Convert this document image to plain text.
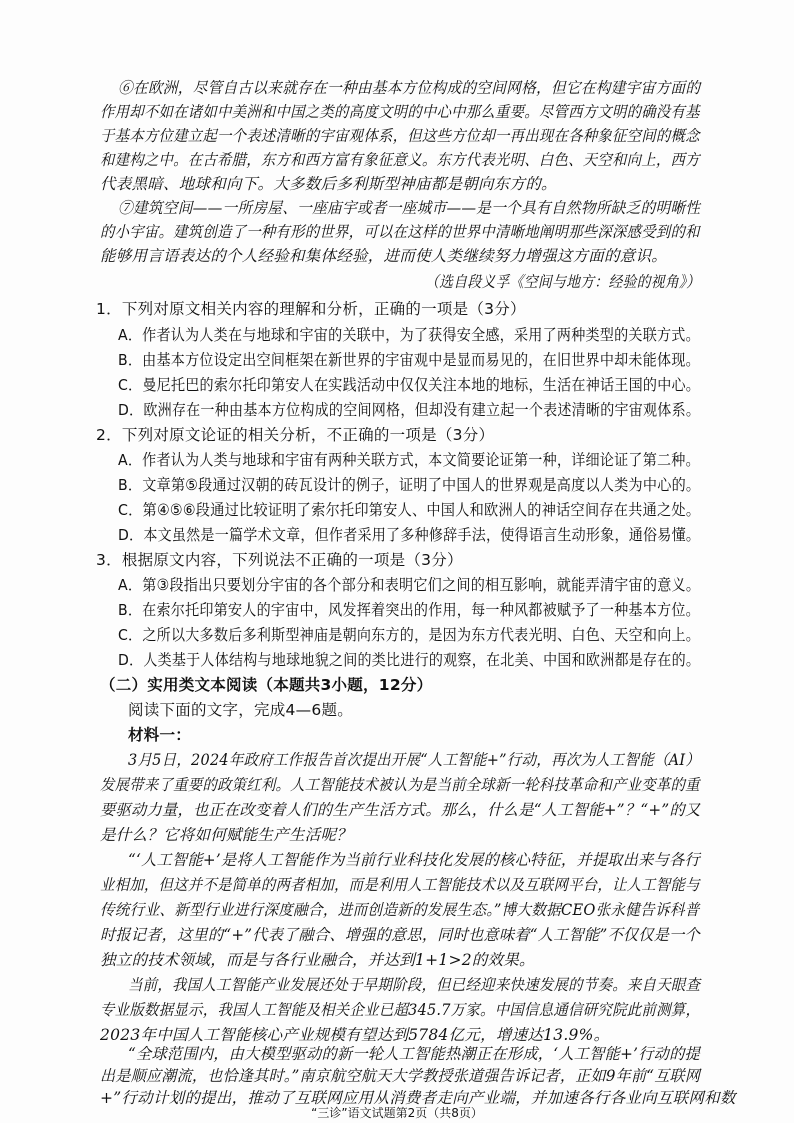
⑥在欧洲，尽管自古以来就存在一种由基本方位构成的空间网格，但它在构建宇宙方面的
作用却不如在诸如中美洲和中国之类的高度文明的中心中那么重要。尽管西方文明的确没有基
于基本方位建立起一个表述清晰的宇宙观体系，但这些方位却一再出现在各种象征空间的概念
和建构之中。在古希腊，东方和西方富有象征意义。东方代表光明、白色、天空和向上，西方
代表黑暗、地球和向下。大多数后多利斯型神庙都是朝向东方的。
⑦建筑空间——一所房屋、一座庙宇或者一座城市——是一个具有自然物所缺乏的明晰性
的小宇宙。建筑创造了一种有形的世界，可以在这样的世界中清晰地阐明那些深深感受到的和
能够用言语表达的个人经验和集体经验，进而使人类继续努力增强这方面的意识。
（选自段义孚《空间与地方：经验的视角》）
1．下列对原文相关内容的理解和分析，正确的一项是（3分）
A．作者认为人类在与地球和宇宙的关联中，为了获得安全感，采用了两种类型的关联方式。
B．由基本方位设定出空间框架在新世界的宇宙观中是显而易见的，在旧世界中却未能体现。
C．曼尼托巴的索尔托印第安人在实践活动中仅仅关注本地的地标，生活在神话王国的中心。
D．欧洲存在一种由基本方位构成的空间网格，但却没有建立起一个表述清晰的宇宙观体系。
2．下列对原文论证的相关分析，不正确的一项是（3分）
A．作者认为人类与地球和宇宙有两种关联方式，本文简要论证第一种，详细论证了第二种。
B．文章第⑤段通过汉朝的砖瓦设计的例子，证明了中国人的世界观是高度以人类为中心的。
C．第④⑤⑥段通过比较证明了索尔托印第安人、中国人和欧洲人的神话空间存在共通之处。
D．本文虽然是一篇学术文章，但作者采用了多种修辞手法，使得语言生动形象，通俗易懂。
3．根据原文内容，下列说法不正确的一项是（3分）
A．第③段指出只要划分宇宙的各个部分和表明它们之间的相互影响，就能弄清宇宙的意义。
B．在索尔托印第安人的宇宙中，风发挥着突出的作用，每一种风都被赋予了一种基本方位。
C．之所以大多数后多利斯型神庙是朝向东方的，是因为东方代表光明、白色、天空和向上。
D．人类基于人体结构与地球地貌之间的类比进行的观察，在北美、中国和欧洲都是存在的。
（二）实用类文本阅读（本题共3小题，12分）
阅读下面的文字，完成4—6题。
材料一：
3月5日，2024年政府工作报告首次提出开展“人工智能+”行动，再次为人工智能（AI）
发展带来了重要的政策红利。人工智能技术被认为是当前全球新一轮科技革命和产业变革的重
要驱动力量，也正在改变着人们的生产生活方式。那么，什么是“人工智能+”？“+”的又
是什么？它将如何赋能生产生活呢？
“‘人工智能+’是将人工智能作为当前行业科技化发展的核心特征，并提取出来与各行
业相加，但这并不是简单的两者相加，而是利用人工智能技术以及互联网平台，让人工智能与
传统行业、新型行业进行深度融合，进而创造新的发展生态。”博大数据CEO张永健告诉科普
时报记者，这里的“+”代表了融合、增强的意思，同时也意味着“人工智能”不仅仅是一个
独立的技术领域，而是与各行业融合，并达到1+1>2的效果。
当前，我国人工智能产业发展还处于早期阶段，但已经迎来快速发展的节奏。来自天眼查
专业版数据显示，我国人工智能及相关企业已超345.7万家。中国信息通信研究院此前测算，
2023年中国人工智能核心产业规模有望达到5784亿元，增速达13.9%。
“全球范围内，由大模型驱动的新一轮人工智能热潮正在形成，‘人工智能+’行动的提
出是顺应潮流，也恰逢其时。”南京航空航天大学教授张道强告诉记者，正如9年前“互联网
+”行动计划的提出，推动了互联网应用从消费者走向产业端，并加速各行各业向互联网和数
“三诊”语文试题第2页（共8页）
